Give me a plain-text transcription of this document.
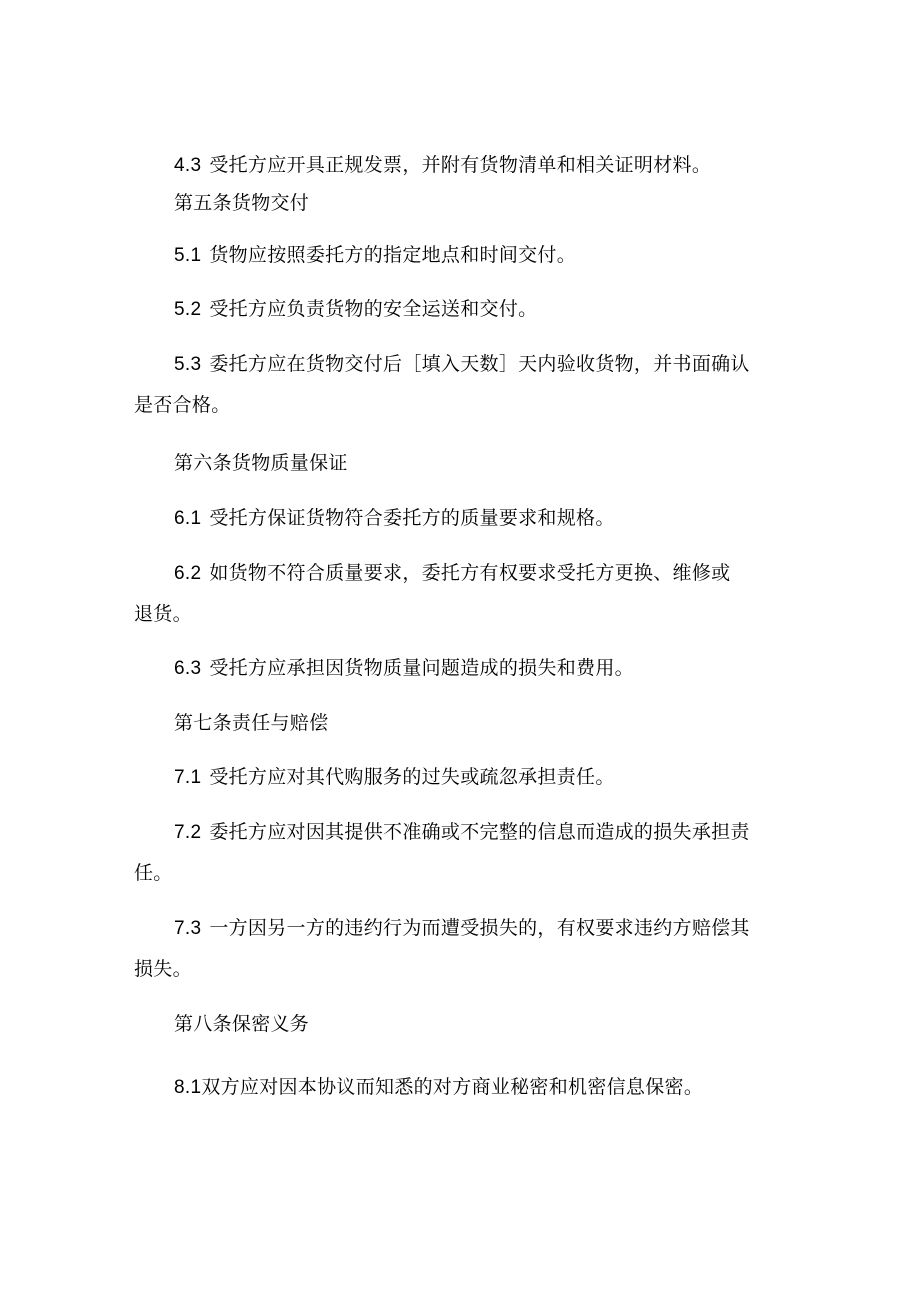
4.3 受托方应开具正规发票，并附有货物清单和相关证明材料。
第五条货物交付
5.1 货物应按照委托方的指定地点和时间交付。
5.2 受托方应负责货物的安全运送和交付。
5.3 委托方应在货物交付后［填入天数］天内验收货物，并书面确认
是否合格。
第六条货物质量保证
6.1 受托方保证货物符合委托方的质量要求和规格。
6.2 如货物不符合质量要求，委托方有权要求受托方更换、维修或
退货。
6.3 受托方应承担因货物质量问题造成的损失和费用。
第七条责任与赔偿
7.1 受托方应对其代购服务的过失或疏忽承担责任。
7.2 委托方应对因其提供不准确或不完整的信息而造成的损失承担责
任。
7.3 一方因另一方的违约行为而遭受损失的，有权要求违约方赔偿其
损失。
第八条保密义务
8.1双方应对因本协议而知悉的对方商业秘密和机密信息保密。
